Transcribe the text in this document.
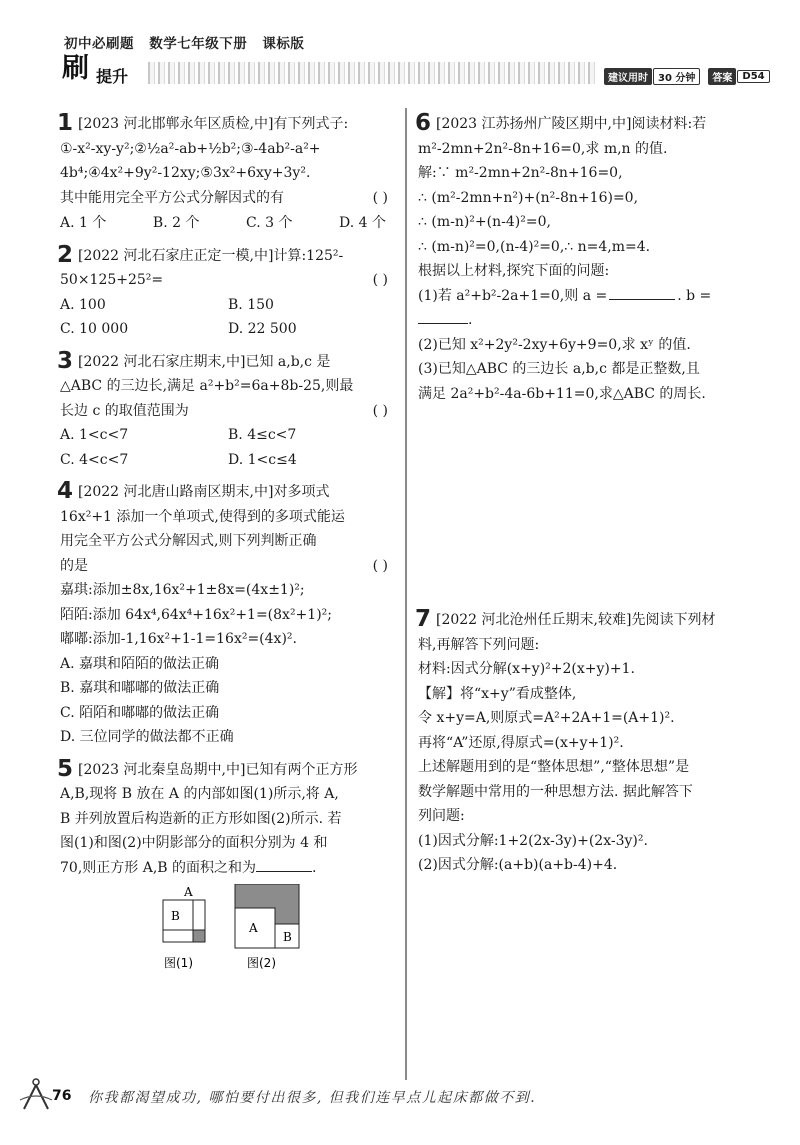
初中必刷题 数学七年级下册 课标版
刷 提升	建议用时	30 分钟	答案	D54
1 [2023 河北邯郸永年区质检,中]有下列式子:
①-x²-xy-y²;②½a²-ab+½b²;③-4ab²-a²+
4b⁴;④4x²+9y²-12xy;⑤3x²+6xy+3y².
其中能用完全平方公式分解因式的有	( )
A. 1 个	B. 2 个	C. 3 个	D. 4 个
2 [2022 河北石家庄正定一模,中]计算:125²-
50×125+25²=	( )
A. 100	B. 150
C. 10 000	D. 22 500
3 [2022 河北石家庄期末,中]已知 a,b,c 是
△ABC 的三边长,满足 a²+b²=6a+8b-25,则最
长边 c 的取值范围为	( )
A. 1<c<7	B. 4≤c<7
C. 4<c<7	D. 1<c≤4
4 [2022 河北唐山路南区期末,中]对多项式
16x²+1 添加一个单项式,使得到的多项式能运
用完全平方公式分解因式,则下列判断正确
的是	( )
嘉琪:添加±8x,16x²+1±8x=(4x±1)²;
陌陌:添加 64x⁴,64x⁴+16x²+1=(8x²+1)²;
嘟嘟:添加-1,16x²+1-1=16x²=(4x)².
A. 嘉琪和陌陌的做法正确
B. 嘉琪和嘟嘟的做法正确
C. 陌陌和嘟嘟的做法正确
D. 三位同学的做法都不正确
5 [2023 河北秦皇岛期中,中]已知有两个正方形
A,B,现将 B 放在 A 的内部如图(1)所示,将 A,
B 并列放置后构造新的正方形如图(2)所示. 若
图(1)和图(2)中阴影部分的面积分别为 4 和
70,则正方形 A,B 的面积之和为	.
A
B
图(1)
A
B
图(2)
6 [2023 江苏扬州广陵区期中,中]阅读材料:若
m²-2mn+2n²-8n+16=0,求 m,n 的值.
解:∵ m²-2mn+2n²-8n+16=0,
∴ (m²-2mn+n²)+(n²-8n+16)=0,
∴ (m-n)²+(n-4)²=0,
∴ (m-n)²=0,(n-4)²=0,∴ n=4,m=4.
根据以上材料,探究下面的问题:
(1)若 a²+b²-2a+1=0,则 a =	. b =
.
(2)已知 x²+2y²-2xy+6y+9=0,求 xʸ 的值.
(3)已知△ABC 的三边长 a,b,c 都是正整数,且
满足 2a²+b²-4a-6b+11=0,求△ABC 的周长.
7 [2022 河北沧州任丘期末,较难]先阅读下列材
料,再解答下列问题:
材料:因式分解(x+y)²+2(x+y)+1.
【解】将“x+y”看成整体,
令 x+y=A,则原式=A²+2A+1=(A+1)².
再将“A”还原,得原式=(x+y+1)².
上述解题用到的是“整体思想”,“整体思想”是
数学解题中常用的一种思想方法. 据此解答下
列问题:
(1)因式分解:1+2(2x-3y)+(2x-3y)².
(2)因式分解:(a+b)(a+b-4)+4.
76 你我都渴望成功, 哪怕要付出很多, 但我们连早点儿起床都做不到.
